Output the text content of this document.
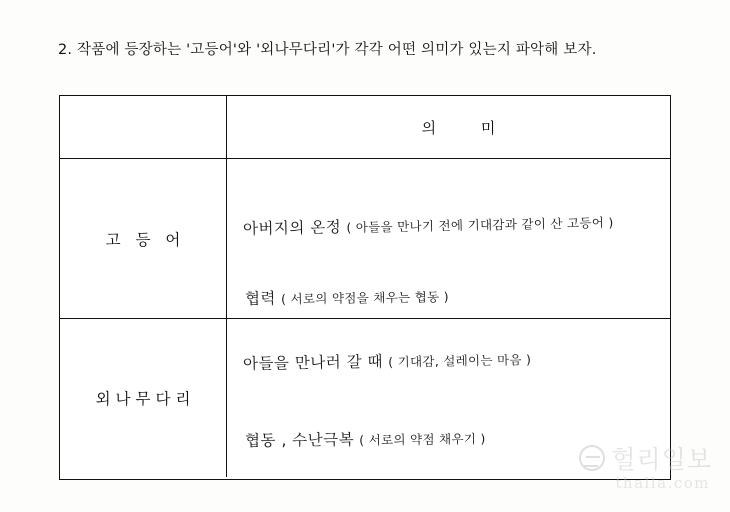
2. 작품에 등장하는 '고등어'와 '외나무다리'가 각각 어떤 의미가 있는지 파악해 보자.
의 미
고 등 어
아버지의 온정 ( 아들을 만나기 전에 기대감과 같이 산 고등어 )
협력 ( 서로의 약점을 채우는 협동 )
외나무다리
아들을 만나러 갈 때 ( 기대감, 설레이는 마음 )
협동 , 수난극복 ( 서로의 약점 채우기 )
헐리일보
thalla.com
